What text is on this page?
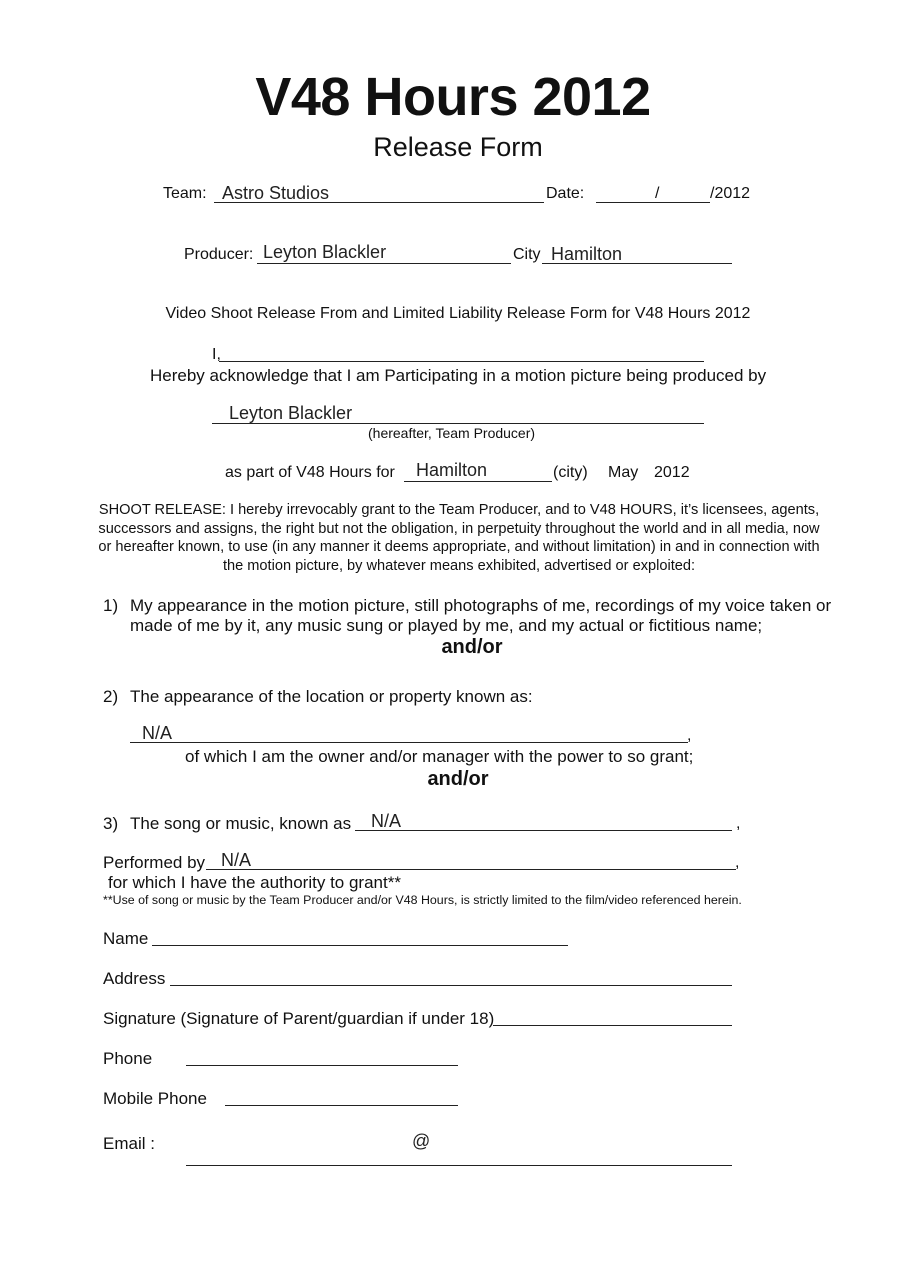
V48 Hours 2012
Release Form
Team: Astro Studios	Date:	/	/2012
Producer: Leyton Blackler	City Hamilton
Video Shoot Release From and Limited Liability Release Form for V48 Hours 2012
I,
Hereby acknowledge that I am Participating in a motion picture being produced by
Leyton Blackler
(hereafter, Team Producer)
as part of V48 Hours for Hamilton	(city) May 2012
SHOOT RELEASE: I hereby irrevocably grant to the Team Producer, and to V48 HOURS, it’s licensees, agents,
successors and assigns, the right but not the obligation, in perpetuity throughout the world and in all media, now
or hereafter known, to use (in any manner it deems appropriate, and without limitation) in and in connection with
the motion picture, by whatever means exhibited, advertised or exploited:
1) My appearance in the motion picture, still photographs of me, recordings of my voice taken or
made of me by it, any music sung or played by me, and my actual or fictitious name;
and/or
2) The appearance of the location or property known as:
N/A	,
of which I am the owner and/or manager with the power to so grant;
and/or
3) The song or music, known as N/A	,
Performed by N/A	,
for which I have the authority to grant**
**Use of song or music by the Team Producer and/or V48 Hours, is strictly limited to the film/video referenced herein.
Name
Address
Signature (Signature of Parent/guardian if under 18)
Phone
Mobile Phone
Email :	@
